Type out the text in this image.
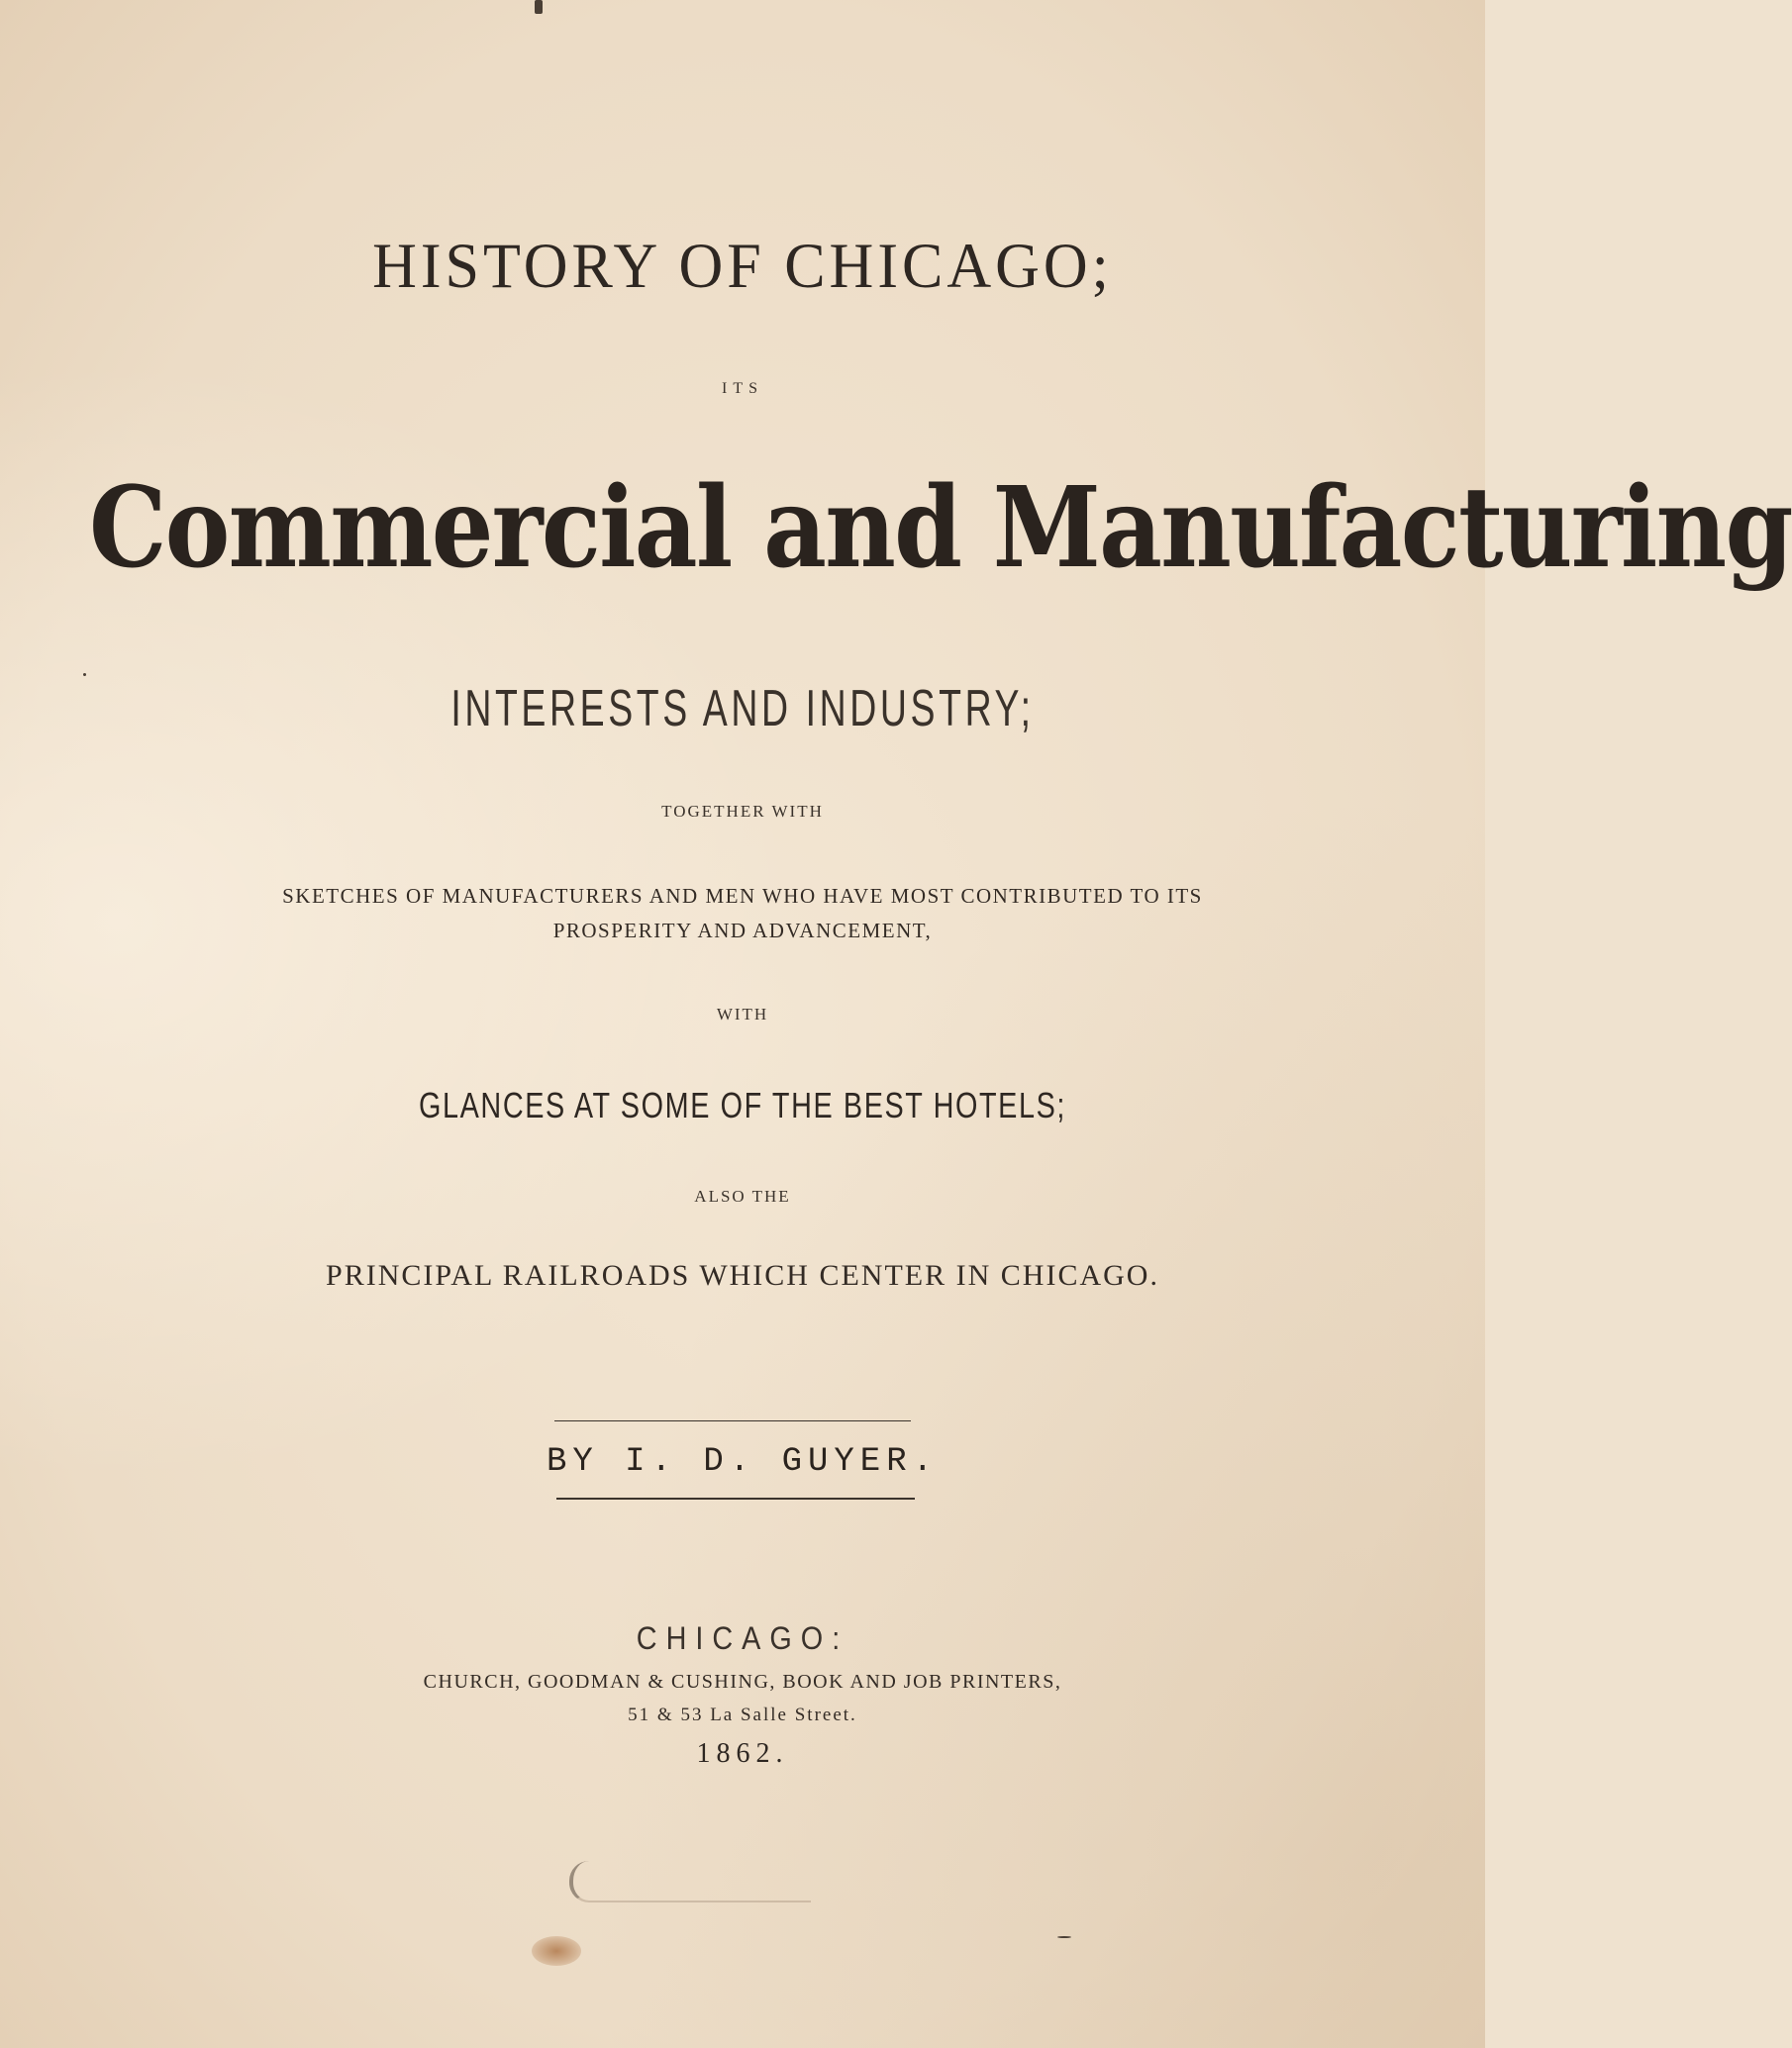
HISTORY OF CHICAGO;
ITS
Commercial and Manufacturing
INTERESTS AND INDUSTRY;
TOGETHER WITH
SKETCHES OF MANUFACTURERS AND MEN WHO HAVE MOST CONTRIBUTED TO ITS
PROSPERITY AND ADVANCEMENT,
WITH
GLANCES AT SOME OF THE BEST HOTELS;
ALSO THE
PRINCIPAL RAILROADS WHICH CENTER IN CHICAGO.
BY I. D. GUYER.
CHICAGO:
CHURCH, GOODMAN & CUSHING, BOOK AND JOB PRINTERS,
51 & 53 La Salle Street.
1862.
